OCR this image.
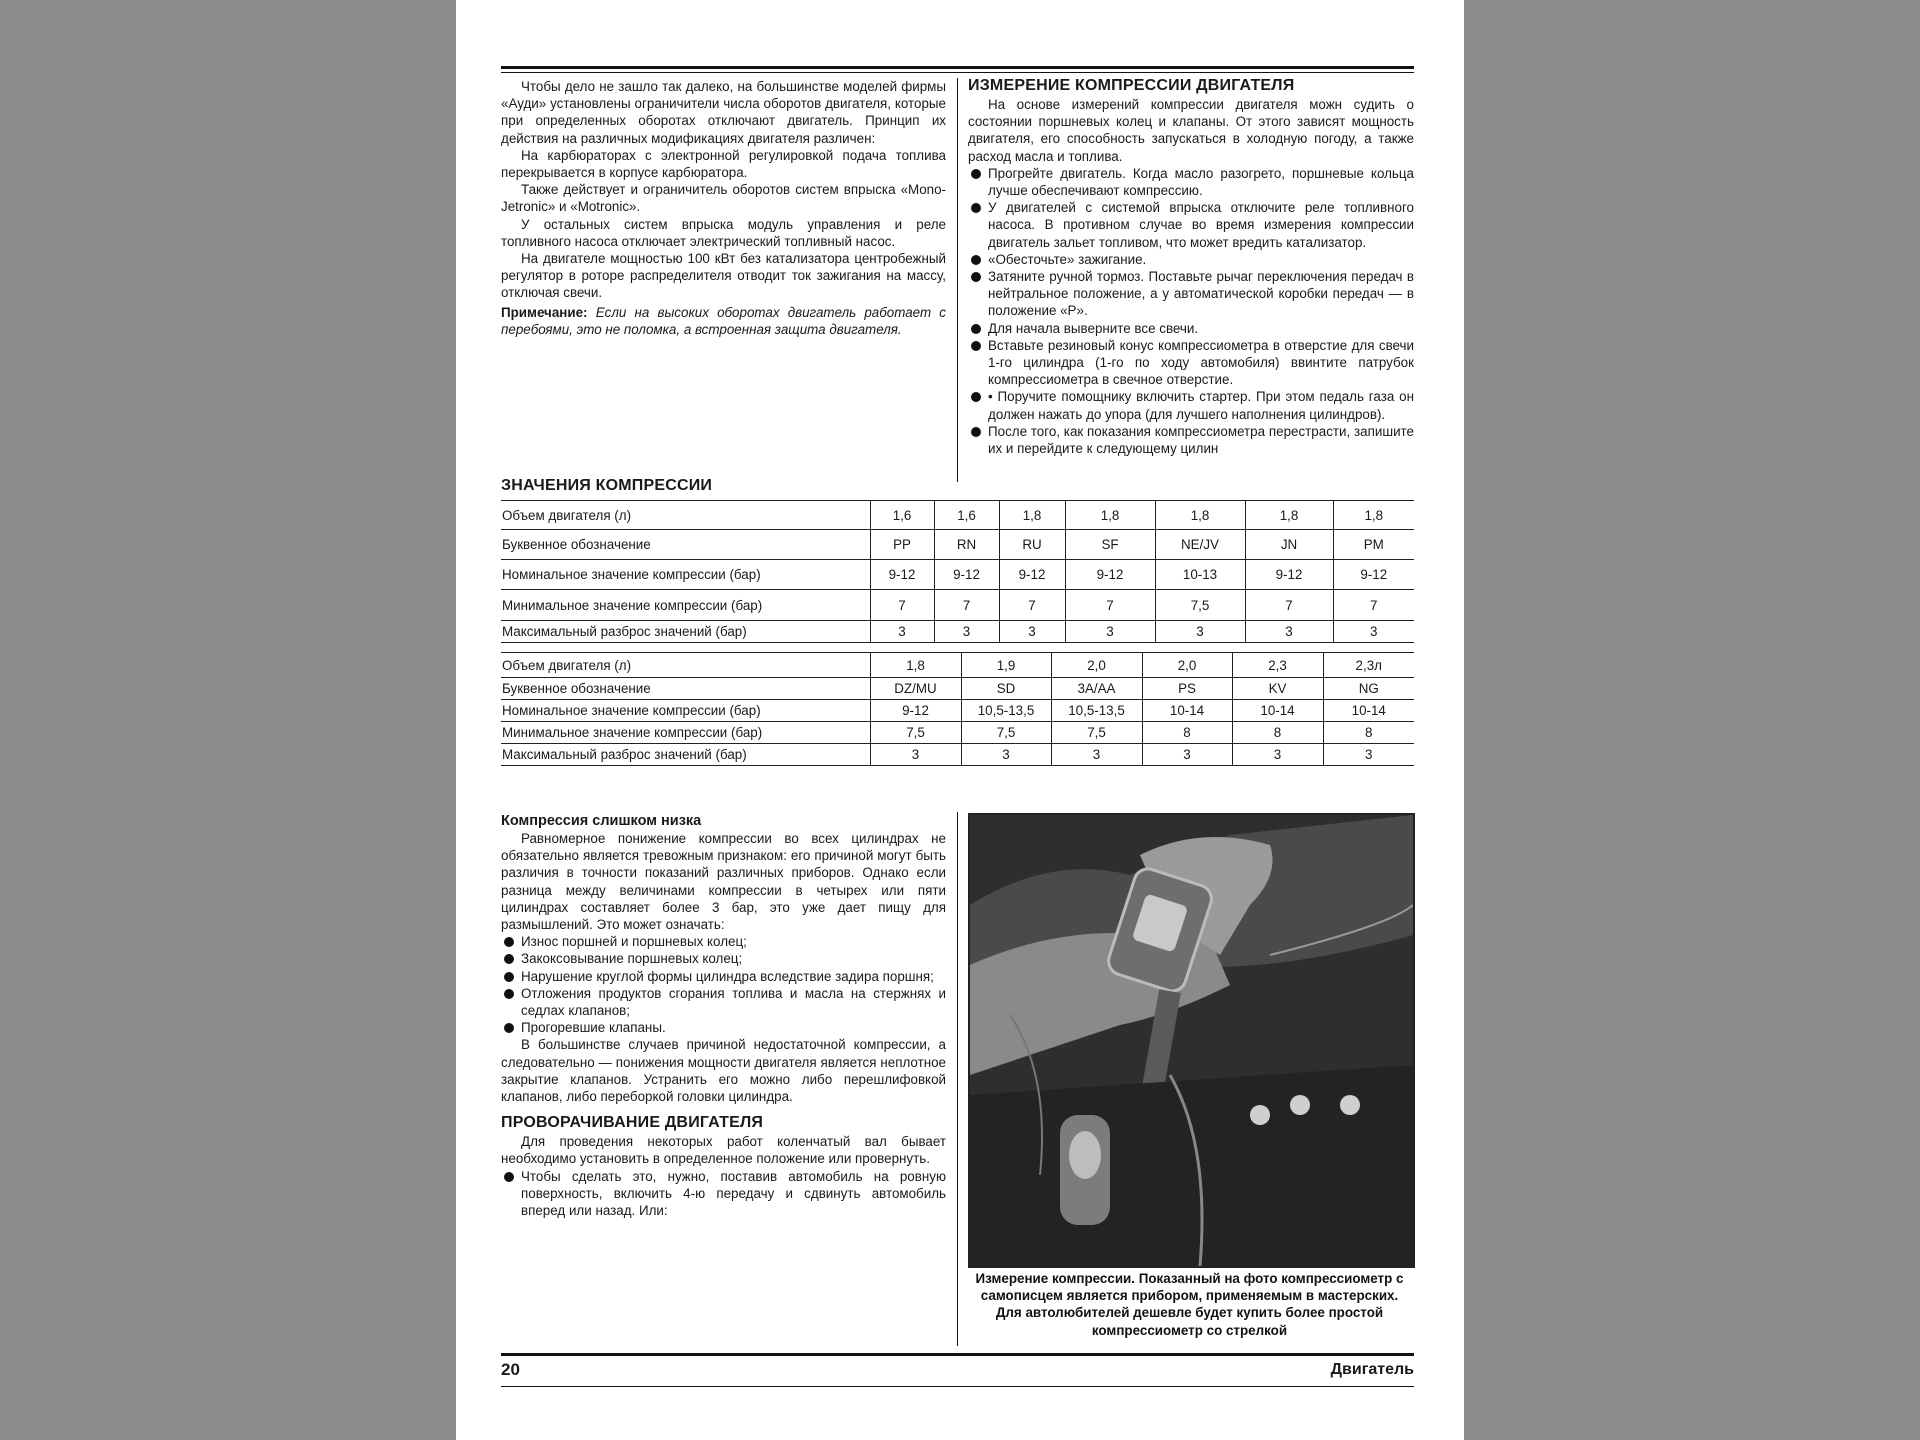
Чтобы дело не зашло так далеко, на большинстве моделей фирмы «Ауди» установлены ограничители числа оборотов двигателя, которые при определенных оборотах отключают двигатель. Принцип их действия на различных модификациях двигателя различен:

На карбюраторах с электронной регулировкой подача топлива перекрывается в корпусе карбюратора.

Также действует и ограничитель оборотов систем впрыска «Mono-Jetronic» и «Motronic».

У остальных систем впрыска модуль управления и реле топливного насоса отключает электрический топливный насос.

На двигателе мощностью 100 кВт без катализатора центробежный регулятор в роторе распределителя отводит ток зажигания на массу, отключая свечи.

Примечание: Если на высоких оборотах двигатель работает с перебоями, это не поломка, а встроенная защита двигателя.

ИЗМЕРЕНИЕ КОМПРЕССИИ ДВИГАТЕЛЯ

На основе измерений компрессии двигателя можн судить о состоянии поршневых колец и клапаны. От этого зависят мощность двигателя, его способность запускаться в холодную погоду, а также расход масла и топлива.

Прогрейте двигатель. Когда масло разогрето, поршневые кольца лучше обеспечивают компрессию.
У двигателей с системой впрыска отключите реле топливного насоса. В противном случае во время измерения компрессии двигатель зальет топливом, что может вредить катализатор.
«Обесточьте» зажигание.
Затяните ручной тормоз. Поставьте рычаг переключения передач в нейтральное положение, а у автоматической коробки передач — в положение «P».
Для начала выверните все свечи.
Вставьте резиновый конус компрессиометра в отверстие для свечи 1-го цилиндра (1-го по ходу автомобиля) ввинтите патрубок компрессиометра в свечное отверстие.
• Поручите помощнику включить стартер. При этом педаль газа он должен нажать до упора (для лучшего наполнения цилиндров).
После того, как показания компрессиометра перестрасти, запишите их и перейдите к следующему цилин

ЗНАЧЕНИЯ КОМПРЕССИИ

Объем двигателя (л)	1,6	1,6	1,8	1,8	1,8	1,8	1,8
Буквенное обозначение	PP	RN	RU	SF	NE/JV	JN	PM
Номинальное значение компрессии (бар)	9-12	9-12	9-12	9-12	10-13	9-12	9-12
Минимальное значение компрессии (бар)	7	7	7	7	7,5	7	7
Максимальный разброс значений (бар)	3	3	3	3	3	3	3
Объем двигателя (л)	1,8	1,9	2,0	2,0	2,3	2,3л
Буквенное обозначение	DZ/MU	SD	3A/AA	PS	KV	NG
Номинальное значение компрессии (бар)	9-12	10,5-13,5	10,5-13,5	10-14	10-14	10-14
Минимальное значение компрессии (бар)	7,5	7,5	7,5	8	8	8
Максимальный разброс значений (бар)	3	3	3	3	3	3

Компрессия слишком низка

Равномерное понижение компрессии во всех цилиндрах не обязательно является тревожным признаком: его причиной могут быть различия в точности показаний различных приборов. Однако если разница между величинами компрессии в четырех или пяти цилиндрах составляет более 3 бар, это уже дает пищу для размышлений. Это может означать:

Износ поршней и поршневых колец;
Закоксовывание поршневых колец;
Нарушение круглой формы цилиндра вследствие задира поршня;
Отложения продуктов сгорания топлива и масла на стержнях и седлах клапанов;
Прогоревшие клапаны.

В большинстве случаев причиной недостаточной компрессии, а следовательно — понижения мощности двигателя является неплотное закрытие клапанов. Устранить его можно либо перешлифовкой клапанов, либо переборкой головки цилиндра.

ПРОВОРАЧИВАНИЕ ДВИГАТЕЛЯ

Для проведения некоторых работ коленчатый вал бывает необходимо установить в определенное положение или провернуть.

Чтобы сделать это, нужно, поставив автомобиль на ровную поверхность, включить 4-ю передачу и сдвинуть автомобиль вперед или назад. Или:
Измерение компрессии. Показанный на фото компрессиометр с самописцем является прибором, применяемым в мастерских. Для автолюбителей дешевле будет купить более простой компрессиометр со стрелкой
20	Двигатель
